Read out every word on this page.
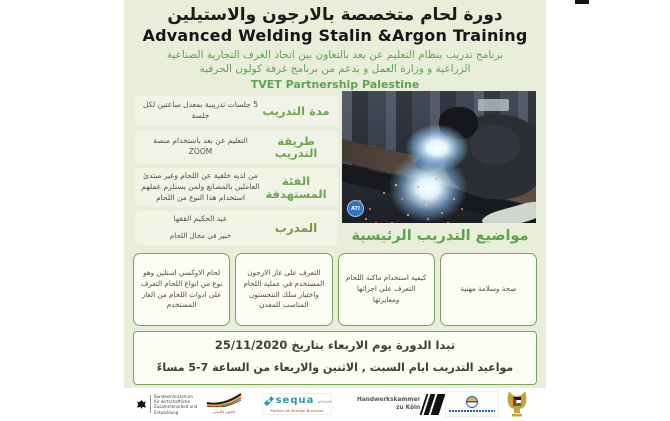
دورة لحام متخصصة بالارجون والاستيلين
Advanced Welding Stalin &Argon Training
برنامج تدريب بنظام التعليم عن بعد بالتعاون بين اتحاد الغرف التجارية الصناعية الزراعية و وزارة العمل و بدعم من برنامج غرفة كولون الحرفية
TVET Partnership Palestine
مدة التدريب
5 جلسات تدريبية بمعدل ساعتين لكل جلسة
طريقة التدريب
التعليم عن بعد باستخدام منصة ZOOM
الفئة المستهدفة
من لديه خلفية عن اللحام وغير مبتدئ العاملين بالمصانع ولمن يستلزم عملهم استخدام هذا النوع من اللحام
المدرب
عبد الحكيم الفقها
خبير في مجال اللحام
ATI
مواضيع التدريب الرئيسية
صحة وسلامة مهنية
كيفية استخدام ماكنة اللحام التعرف على اجزائها ومعايرتها
التعرف على غاز الارجون المستخدم في عملية اللحام واختيار سلك التنجستون المناسب للمعدن
لحام الاوكسي استلين وهو نوع من انواع اللحام التعرف على ادوات اللحام من الغاز المستخدم
تبدا الدورة يوم الاربعاء بتاريخ 25/11/2020
مواعيد التدريب ايام السبت , الاثنين والاربعاء من الساعة 7-5 مساءً
Bundesministerium für wirtschaftliche Zusammenarbeit und Entwicklung	التعاون الألماني
s sequa gGmbH
Partner of German Business
Handwerkskammer
zu Köln
